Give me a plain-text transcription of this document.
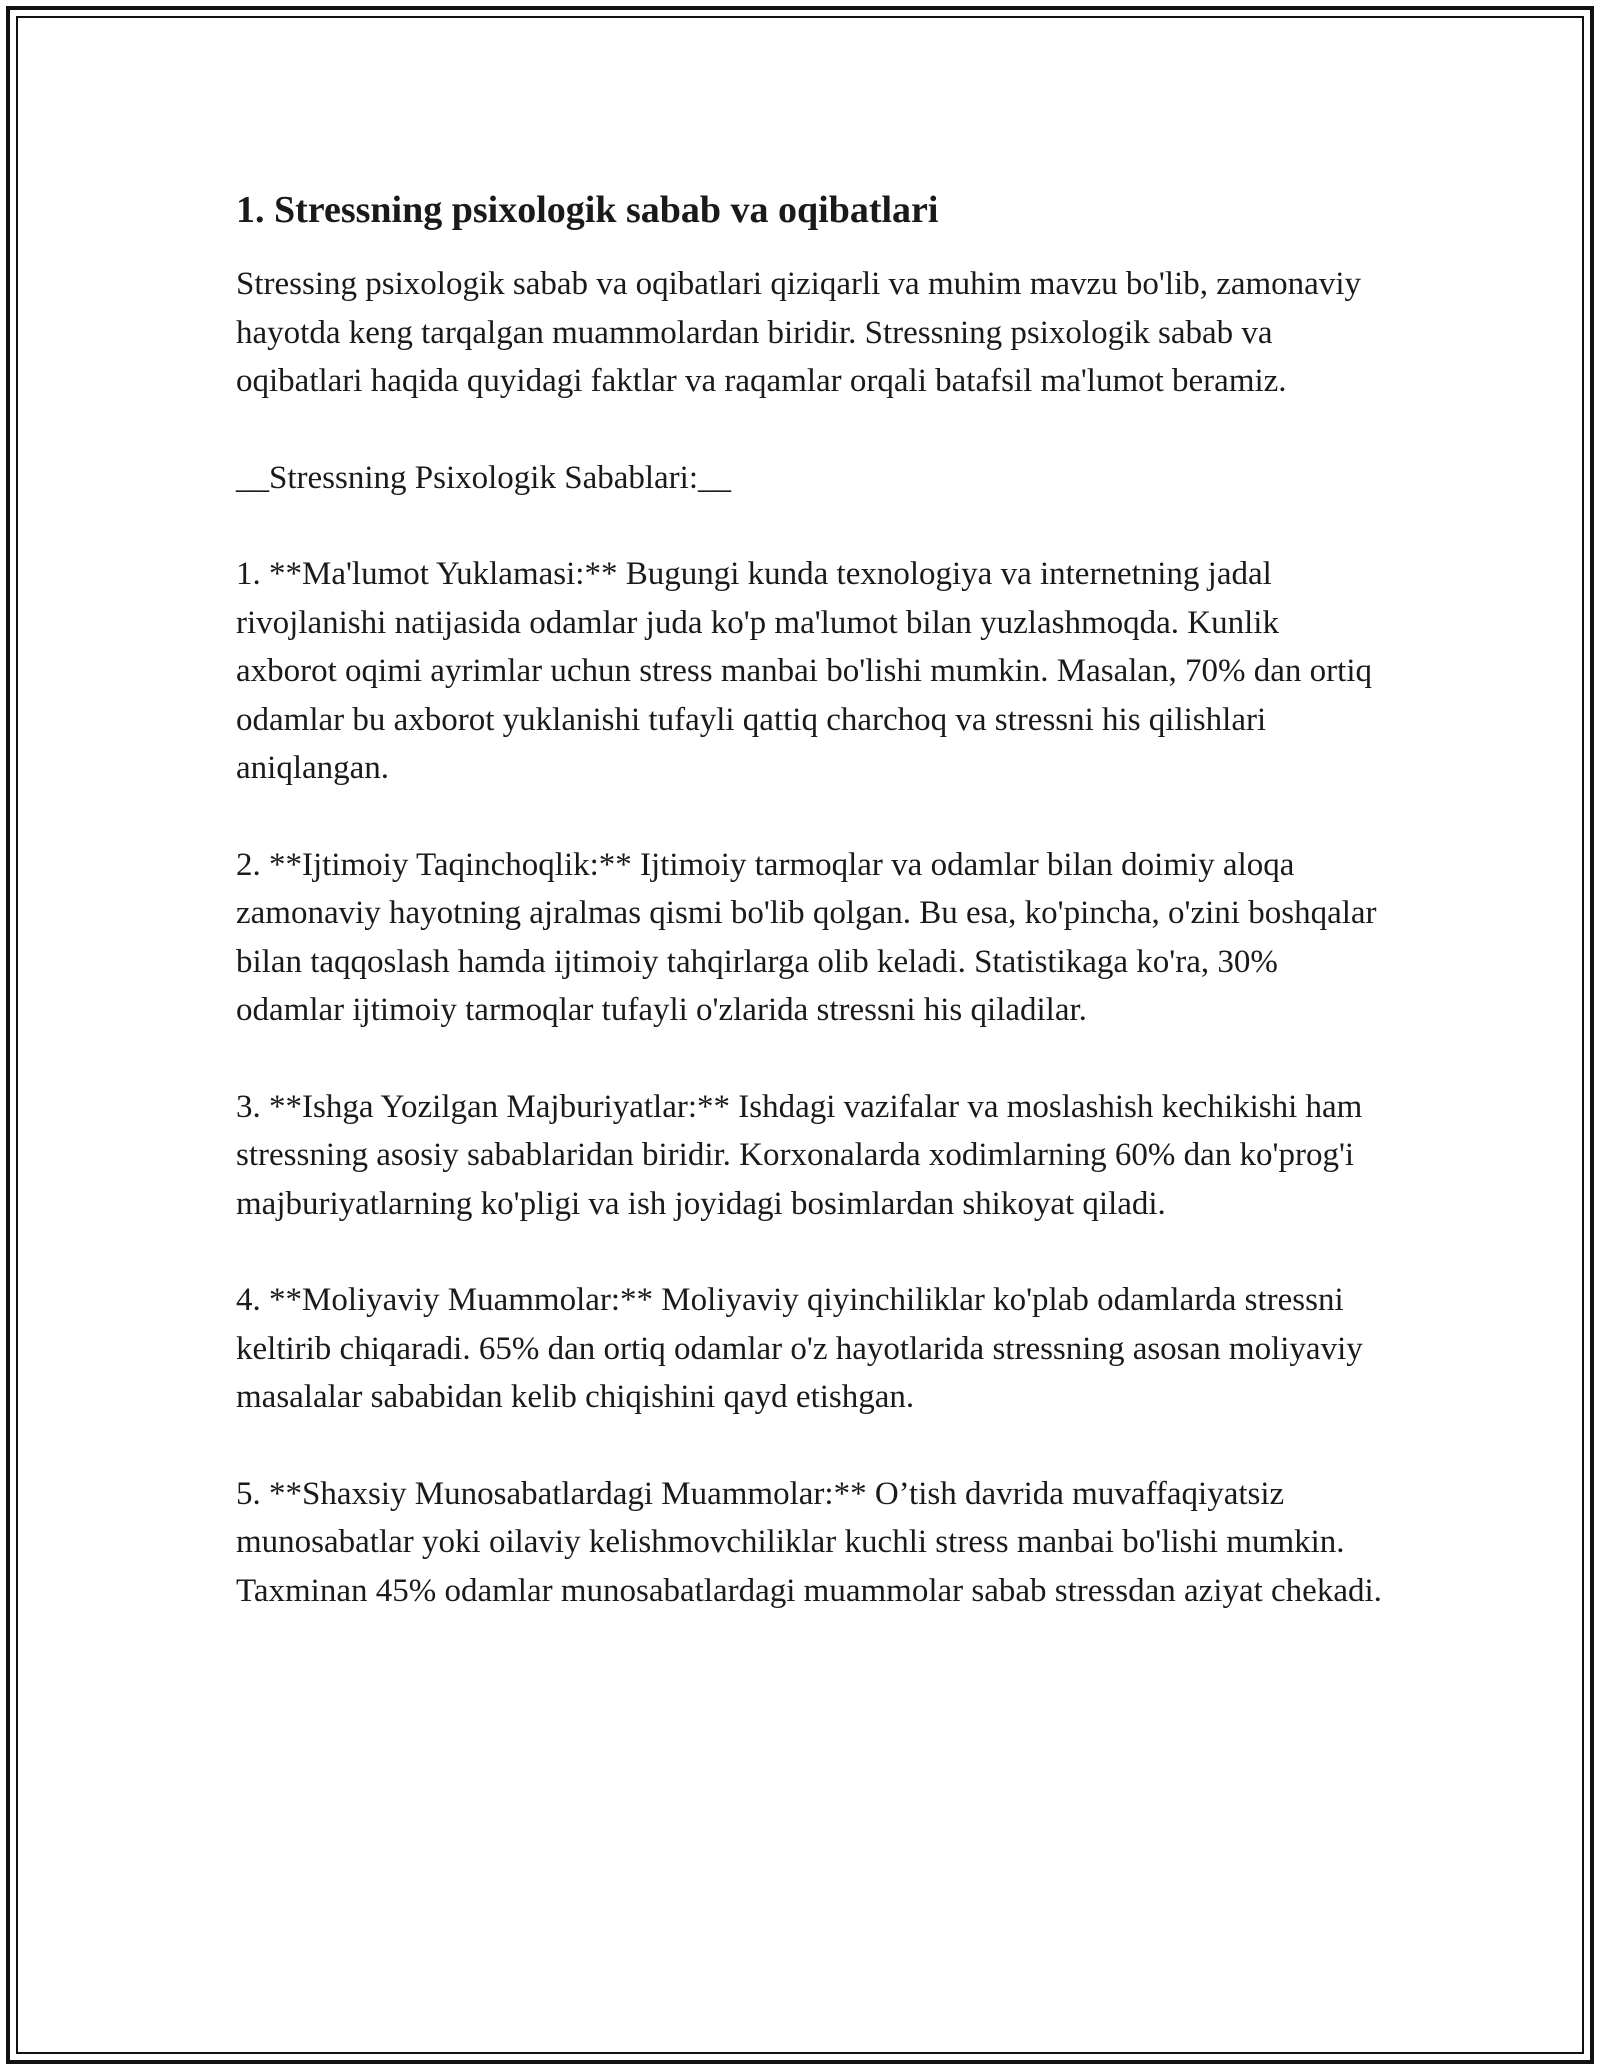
1. Stressning psixologik sabab va oqibatlari

Stressing psixologik sabab va oqibatlari qiziqarli va muhim mavzu bo'lib, zamonaviy hayotda keng tarqalgan muammolardan biridir. Stressning psixologik sabab va oqibatlari haqida quyidagi faktlar va raqamlar orqali batafsil ma'lumot beramiz.

__Stressning Psixologik Sabablari:__

1. **Ma'lumot Yuklamasi:** Bugungi kunda texnologiya va internetning jadal rivojlanishi natijasida odamlar juda ko'p ma'lumot bilan yuzlashmoqda. Kunlik axborot oqimi ayrimlar uchun stress manbai bo'lishi mumkin. Masalan, 70% dan ortiq odamlar bu axborot yuklanishi tufayli qattiq charchoq va stressni his qilishlari aniqlangan.

2. **Ijtimoiy Taqinchoqlik:** Ijtimoiy tarmoqlar va odamlar bilan doimiy aloqa zamonaviy hayotning ajralmas qismi bo'lib qolgan. Bu esa, ko'pincha, o'zini boshqalar bilan taqqoslash hamda ijtimoiy tahqirlarga olib keladi. Statistikaga ko'ra, 30% odamlar ijtimoiy tarmoqlar tufayli o'zlarida stressni his qiladilar.

3. **Ishga Yozilgan Majburiyatlar:** Ishdagi vazifalar va moslashish kechikishi ham stressning asosiy sabablaridan biridir. Korxonalarda xodimlarning 60% dan ko'prog'i majburiyatlarning ko'pligi va ish joyidagi bosimlardan shikoyat qiladi.

4. **Moliyaviy Muammolar:** Moliyaviy qiyinchiliklar ko'plab odamlarda stressni keltirib chiqaradi. 65% dan ortiq odamlar o'z hayotlarida stressning asosan moliyaviy masalalar sababidan kelib chiqishini qayd etishgan.

5. **Shaxsiy Munosabatlardagi Muammolar:** O’tish davrida muvaffaqiyatsiz munosabatlar yoki oilaviy kelishmovchiliklar kuchli stress manbai bo'lishi mumkin. Taxminan 45% odamlar munosabatlardagi muammolar sabab stressdan aziyat chekadi.
